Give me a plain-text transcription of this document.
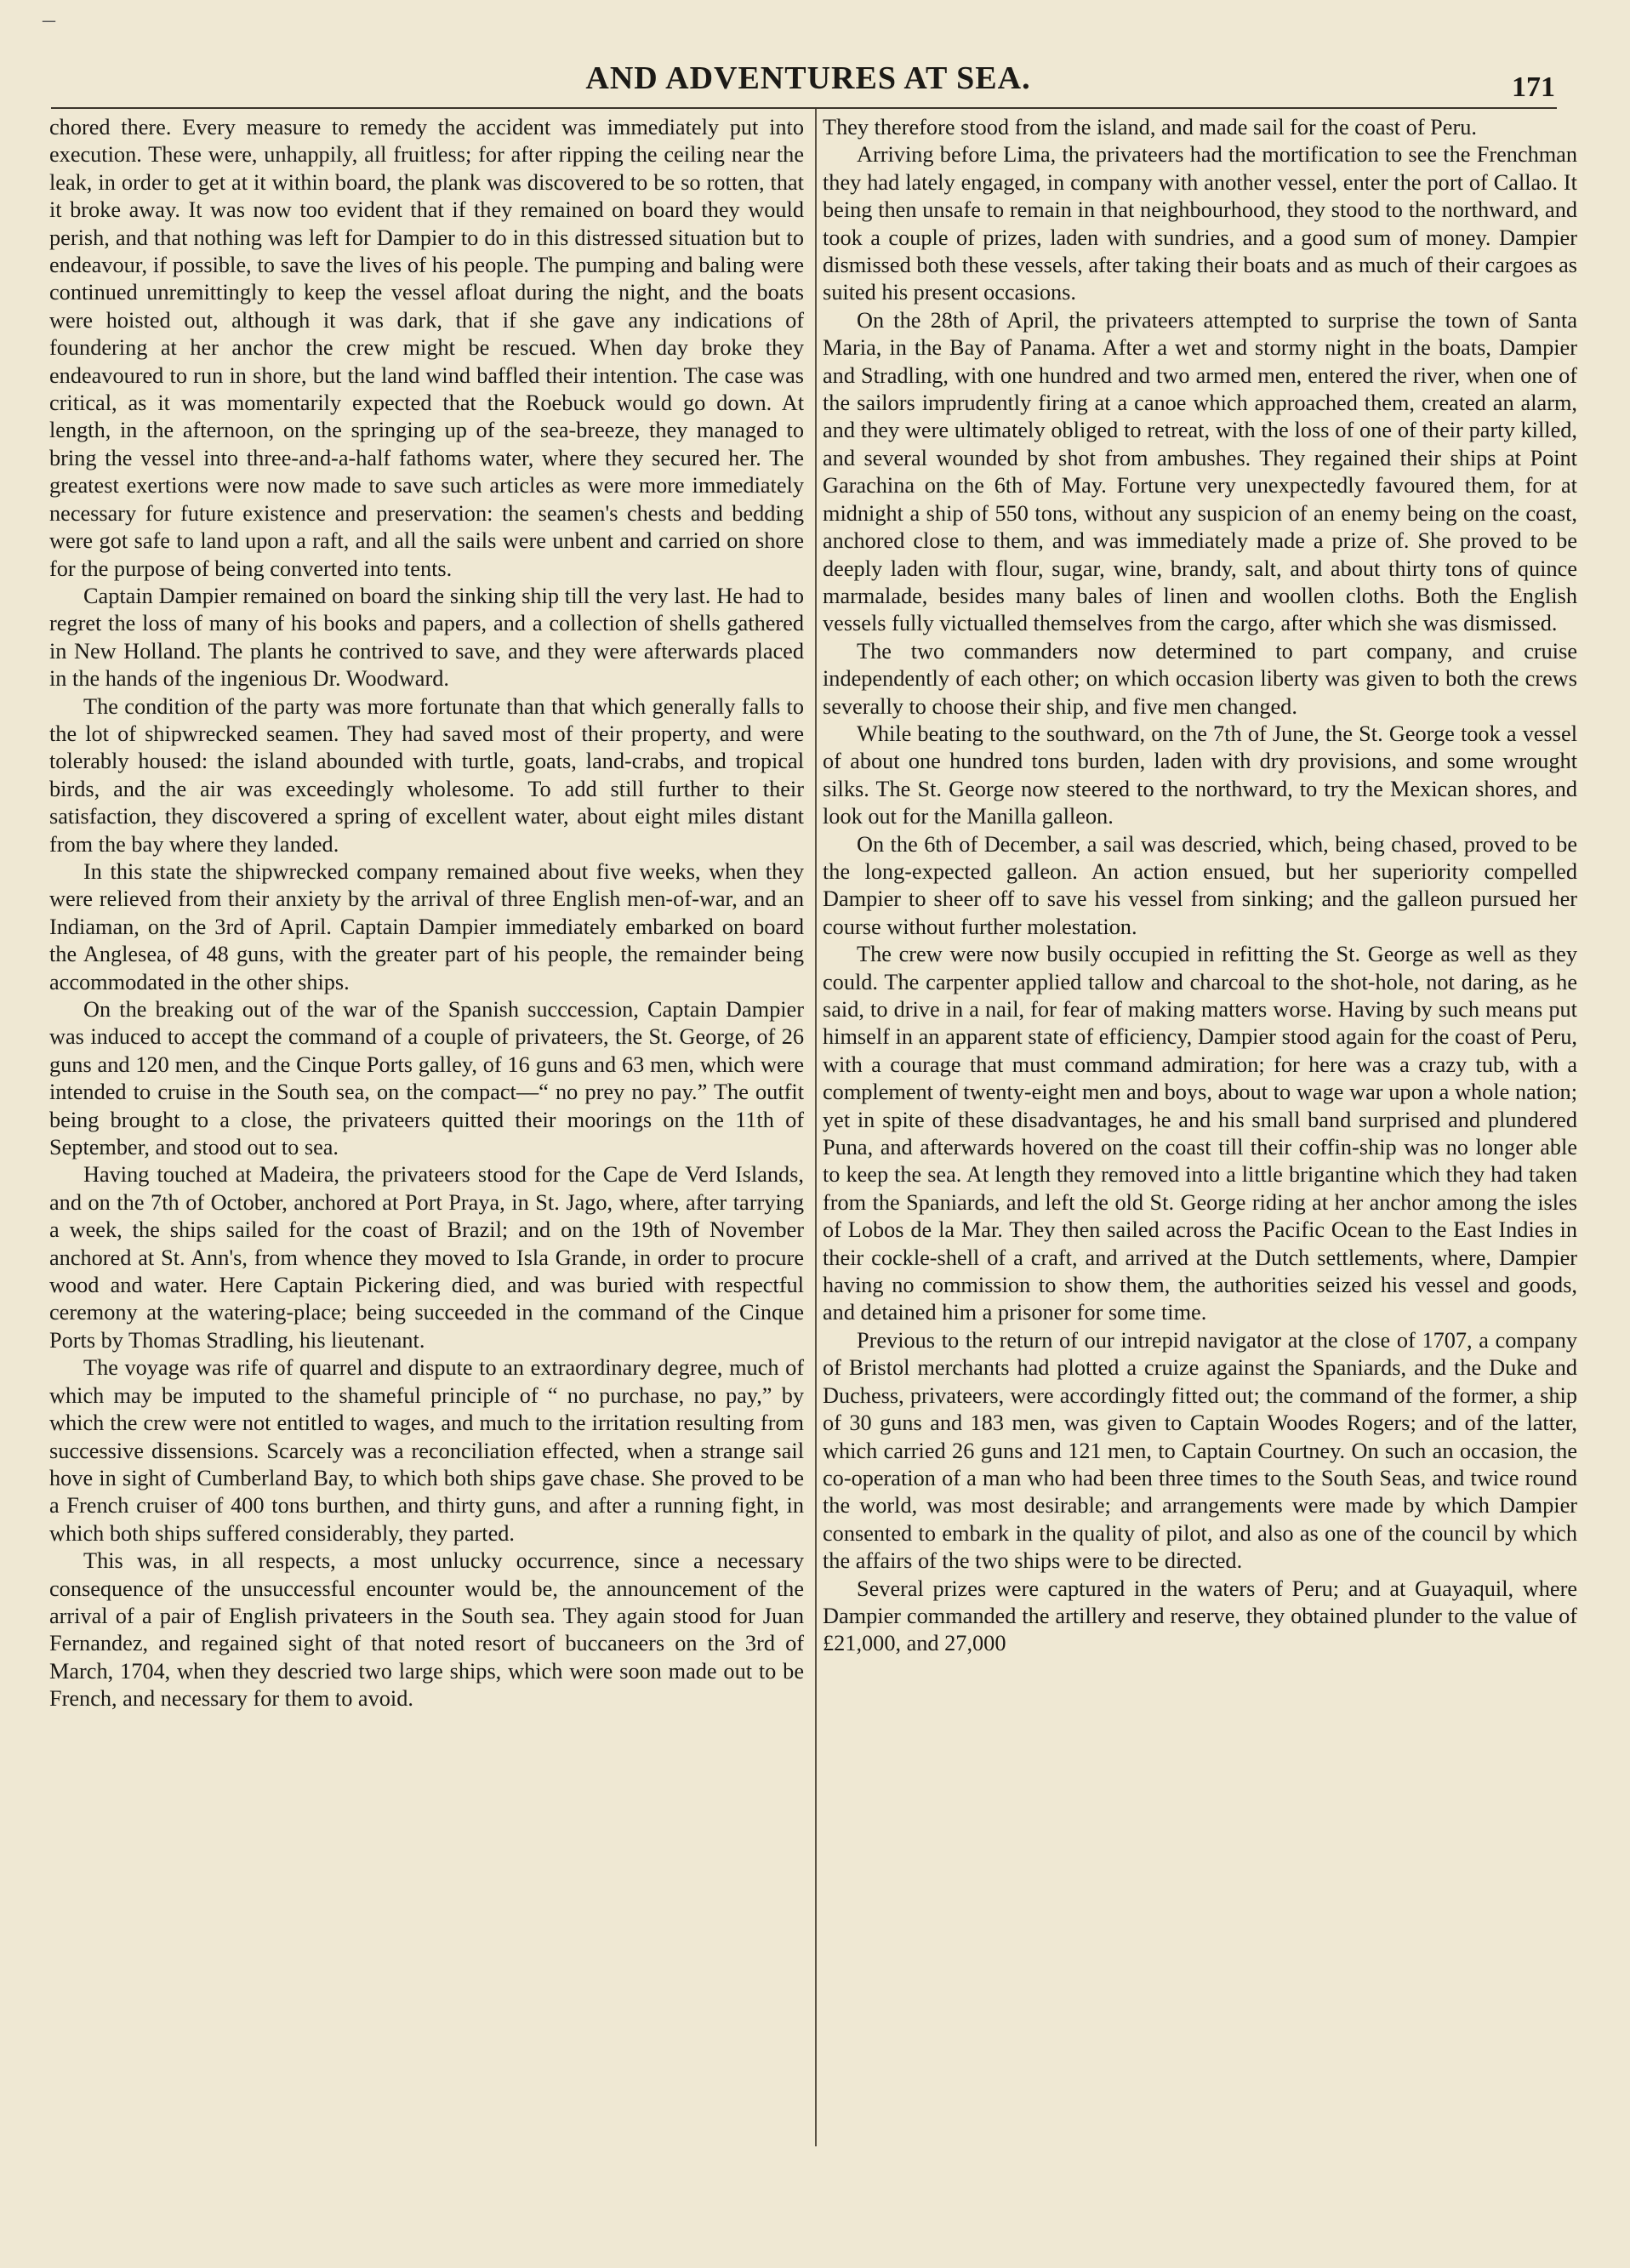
–
AND ADVENTURES AT SEA.	171

chored there. Every measure to remedy the accident was immediately put into execution. These were, unhappily, all fruitless; for after ripping the ceiling near the leak, in order to get at it within board, the plank was discovered to be so rotten, that it broke away. It was now too evident that if they remained on board they would perish, and that nothing was left for Dampier to do in this distressed situation but to endeavour, if possible, to save the lives of his people. The pumping and baling were continued unremittingly to keep the vessel afloat during the night, and the boats were hoisted out, although it was dark, that if she gave any indications of foundering at her anchor the crew might be rescued. When day broke they endeavoured to run in shore, but the land wind baffled their intention. The case was critical, as it was momentarily expected that the Roebuck would go down. At length, in the afternoon, on the springing up of the sea-breeze, they managed to bring the vessel into three-and-a-half fathoms water, where they secured her. The greatest exertions were now made to save such articles as were more immediately necessary for future existence and preservation: the seamen's chests and bedding were got safe to land upon a raft, and all the sails were unbent and carried on shore for the purpose of being converted into tents.

Captain Dampier remained on board the sinking ship till the very last. He had to regret the loss of many of his books and papers, and a collection of shells gathered in New Holland. The plants he contrived to save, and they were afterwards placed in the hands of the ingenious Dr. Woodward.

The condition of the party was more fortunate than that which generally falls to the lot of shipwrecked seamen. They had saved most of their property, and were tolerably housed: the island abounded with turtle, goats, land-crabs, and tropical birds, and the air was exceedingly wholesome. To add still further to their satisfaction, they discovered a spring of excellent water, about eight miles distant from the bay where they landed.

In this state the shipwrecked company remained about five weeks, when they were relieved from their anxiety by the arrival of three English men-of-war, and an Indiaman, on the 3rd of April. Captain Dampier immediately embarked on board the Anglesea, of 48 guns, with the greater part of his people, the remainder being accommodated in the other ships.

On the breaking out of the war of the Spanish succcession, Captain Dampier was induced to accept the command of a couple of privateers, the St. George, of 26 guns and 120 men, and the Cinque Ports galley, of 16 guns and 63 men, which were intended to cruise in the South sea, on the compact—“ no prey no pay.” The outfit being brought to a close, the privateers quitted their moorings on the 11th of September, and stood out to sea.

Having touched at Madeira, the privateers stood for the Cape de Verd Islands, and on the 7th of October, anchored at Port Praya, in St. Jago, where, after tarrying a week, the ships sailed for the coast of Brazil; and on the 19th of November anchored at St. Ann's, from whence they moved to Isla Grande, in order to procure wood and water. Here Captain Pickering died, and was buried with respectful ceremony at the watering-place; being succeeded in the command of the Cinque Ports by Thomas Stradling, his lieutenant.

The voyage was rife of quarrel and dispute to an extraordinary degree, much of which may be imputed to the shameful principle of “ no purchase, no pay,” by which the crew were not entitled to wages, and much to the irritation resulting from successive dissensions. Scarcely was a reconciliation effected, when a strange sail hove in sight of Cumberland Bay, to which both ships gave chase. She proved to be a French cruiser of 400 tons burthen, and thirty guns, and after a running fight, in which both ships suffered considerably, they parted.

This was, in all respects, a most unlucky occurrence, since a necessary consequence of the unsuccessful encounter would be, the announcement of the arrival of a pair of English privateers in the South sea. They again stood for Juan Fernandez, and regained sight of that noted resort of buccaneers on the 3rd of March, 1704, when they descried two large ships, which were soon made out to be French, and necessary for them to avoid.

They therefore stood from the island, and made sail for the coast of Peru.

Arriving before Lima, the privateers had the mortification to see the Frenchman they had lately engaged, in company with another vessel, enter the port of Callao. It being then unsafe to remain in that neighbourhood, they stood to the northward, and took a couple of prizes, laden with sundries, and a good sum of money. Dampier dismissed both these vessels, after taking their boats and as much of their cargoes as suited his present occasions.

On the 28th of April, the privateers attempted to surprise the town of Santa Maria, in the Bay of Panama. After a wet and stormy night in the boats, Dampier and Stradling, with one hundred and two armed men, entered the river, when one of the sailors imprudently firing at a canoe which approached them, created an alarm, and they were ultimately obliged to retreat, with the loss of one of their party killed, and several wounded by shot from ambushes. They regained their ships at Point Garachina on the 6th of May. Fortune very unexpectedly favoured them, for at midnight a ship of 550 tons, without any suspicion of an enemy being on the coast, anchored close to them, and was immediately made a prize of. She proved to be deeply laden with flour, sugar, wine, brandy, salt, and about thirty tons of quince marmalade, besides many bales of linen and woollen cloths. Both the English vessels fully victualled themselves from the cargo, after which she was dismissed.

The two commanders now determined to part company, and cruise independently of each other; on which occasion liberty was given to both the crews severally to choose their ship, and five men changed.

While beating to the southward, on the 7th of June, the St. George took a vessel of about one hundred tons burden, laden with dry provisions, and some wrought silks. The St. George now steered to the northward, to try the Mexican shores, and look out for the Manilla galleon.

On the 6th of December, a sail was descried, which, being chased, proved to be the long-expected galleon. An action ensued, but her superiority compelled Dampier to sheer off to save his vessel from sinking; and the galleon pursued her course without further molestation.

The crew were now busily occupied in refitting the St. George as well as they could. The carpenter applied tallow and charcoal to the shot-hole, not daring, as he said, to drive in a nail, for fear of making matters worse. Having by such means put himself in an apparent state of efficiency, Dampier stood again for the coast of Peru, with a courage that must command admiration; for here was a crazy tub, with a complement of twenty-eight men and boys, about to wage war upon a whole nation; yet in spite of these disadvantages, he and his small band surprised and plundered Puna, and afterwards hovered on the coast till their coffin-ship was no longer able to keep the sea. At length they removed into a little brigantine which they had taken from the Spaniards, and left the old St. George riding at her anchor among the isles of Lobos de la Mar. They then sailed across the Pacific Ocean to the East Indies in their cockle-shell of a craft, and arrived at the Dutch settlements, where, Dampier having no commission to show them, the authorities seized his vessel and goods, and detained him a prisoner for some time.

Previous to the return of our intrepid navigator at the close of 1707, a company of Bristol merchants had plotted a cruize against the Spaniards, and the Duke and Duchess, privateers, were accordingly fitted out; the command of the former, a ship of 30 guns and 183 men, was given to Captain Woodes Rogers; and of the latter, which carried 26 guns and 121 men, to Captain Courtney. On such an occasion, the co-operation of a man who had been three times to the South Seas, and twice round the world, was most desirable; and arrangements were made by which Dampier consented to embark in the quality of pilot, and also as one of the council by which the affairs of the two ships were to be directed.

Several prizes were captured in the waters of Peru; and at Guayaquil, where Dampier commanded the artillery and reserve, they obtained plunder to the value of £21,000, and 27,000
